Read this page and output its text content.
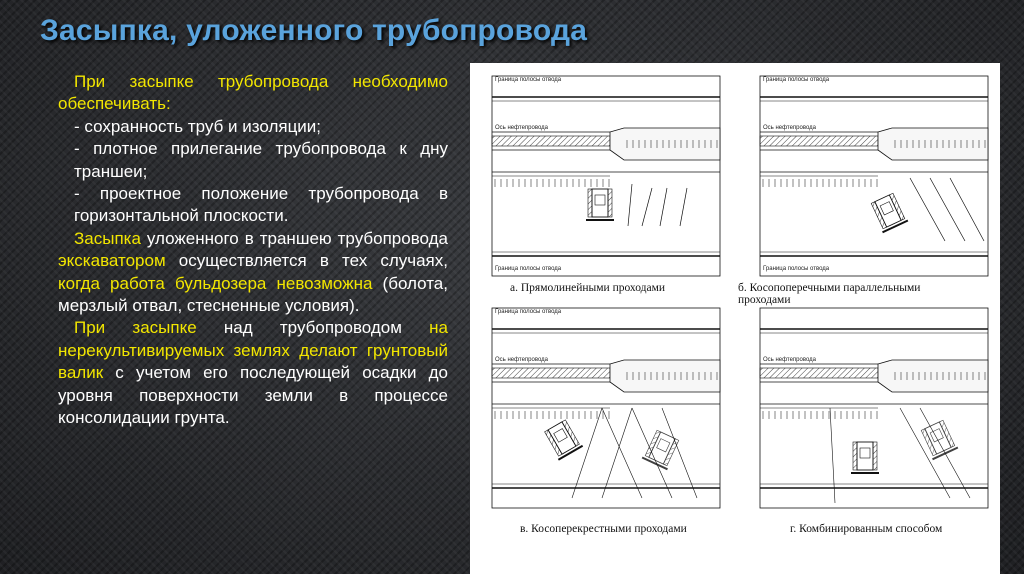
Засыпка, уложенного трубопровода

При засыпке трубопровода необходимо обеспечивать:

- сохранность труб и изоляции;

- плотное прилегание трубопровода к дну траншеи;

- проектное положение трубопровода в горизонтальной плоскости.

Засыпка уложенного в траншею трубопровода экскаватором осуществляется в тех случаях, когда работа бульдозера невозможна (болота, мерзлый отвал, стесненные условия).

При засыпке над трубопроводом на нерекультивируемых землях делают грунтовый валик с учетом его последующей осадки до уровня поверхности земли в процессе консолидации грунта.

Граница полосы отвода
Ось нефтепровода
Граница полосы отвода
Граница полосы отвода
Ось нефтепровода
Граница полосы отвода
Граница полосы отвода
Ось нефтепровода	Ось нефтепровода
а. Прямолинейными проходами	б. Косопоперечными параллельными проходами
в. Косоперекрестными проходами	г. Комбинированным способом
